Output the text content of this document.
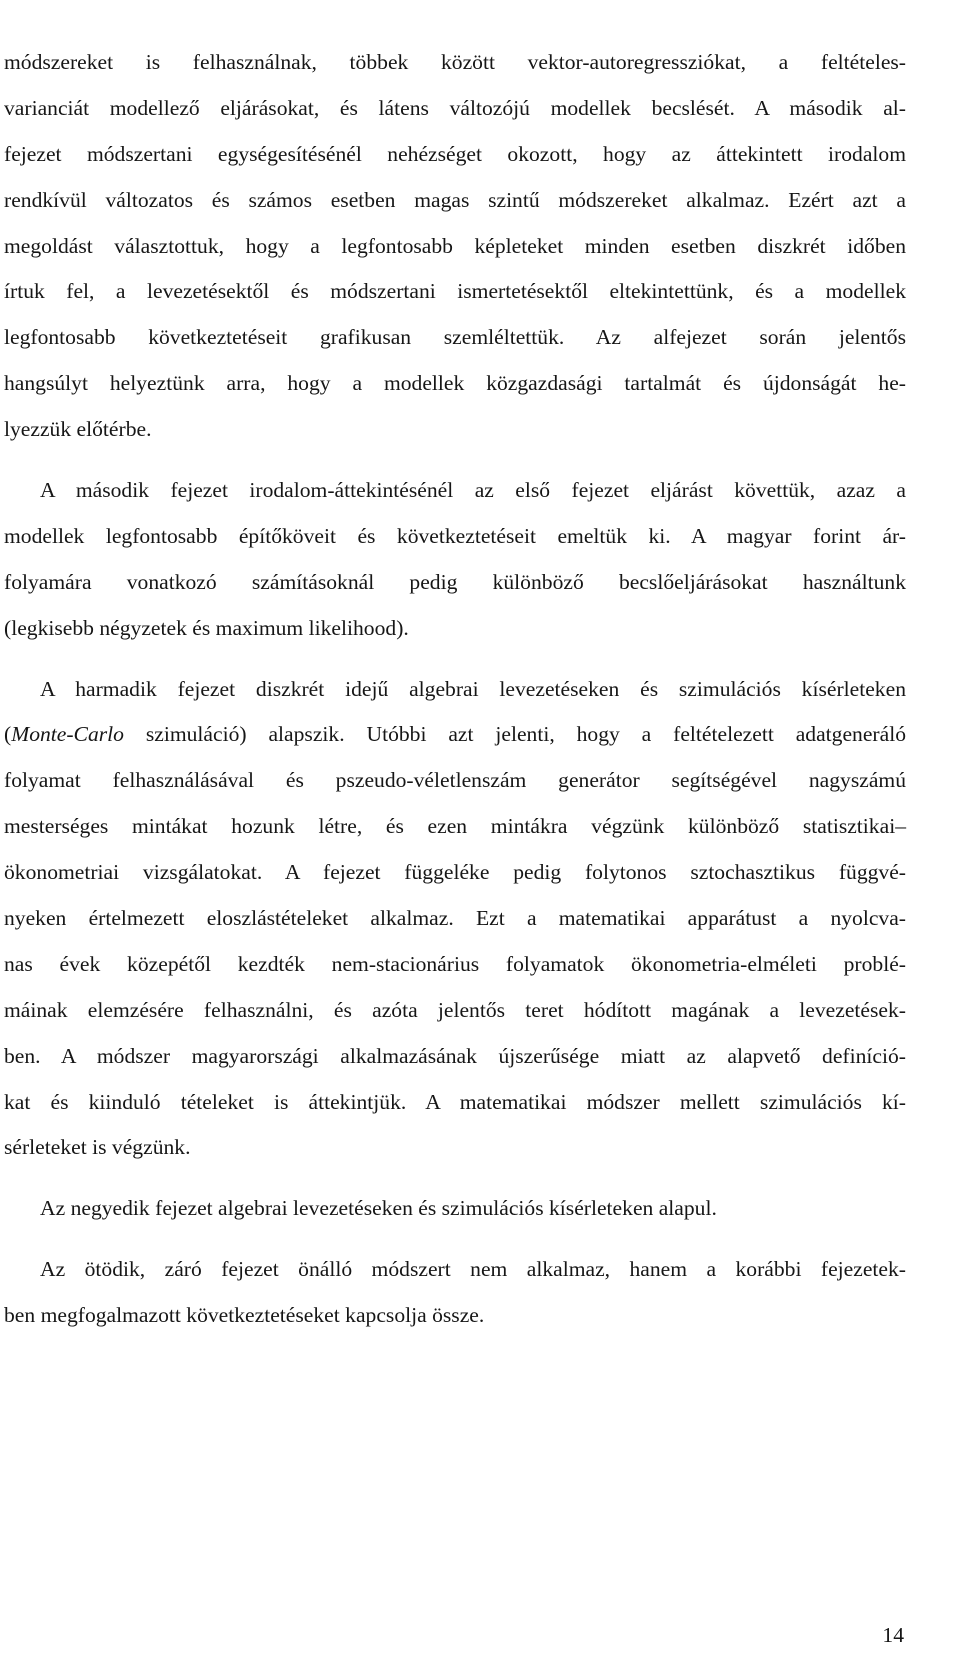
módszereket is felhasználnak, többek között vektor-autoregressziókat, a feltételes-
varianciát modellező eljárásokat, és látens változójú modellek becslését. A második al-
fejezet módszertani egységesítésénél nehézséget okozott, hogy az áttekintett irodalom
rendkívül változatos és számos esetben magas szintű módszereket alkalmaz. Ezért azt a
megoldást választottuk, hogy a legfontosabb képleteket minden esetben diszkrét időben
írtuk fel, a levezetésektől és módszertani ismertetésektől eltekintettünk, és a modellek
legfontosabb következtetéseit grafikusan szemléltettük. Az alfejezet során jelentős
hangsúlyt helyeztünk arra, hogy a modellek közgazdasági tartalmát és újdonságát he-
lyezzük előtérbe.
A második fejezet irodalom-áttekintésénél az első fejezet eljárást követtük, azaz a
modellek legfontosabb építőköveit és következtetéseit emeltük ki. A magyar forint ár-
folyamára vonatkozó számításoknál pedig különböző becslőeljárásokat használtunk
(legkisebb négyzetek és maximum likelihood).
A harmadik fejezet diszkrét idejű algebrai levezetéseken és szimulációs kísérleteken
(Monte-Carlo szimuláció) alapszik. Utóbbi azt jelenti, hogy a feltételezett adatgeneráló
folyamat felhasználásával és pszeudo-véletlenszám generátor segítségével nagyszámú
mesterséges mintákat hozunk létre, és ezen mintákra végzünk különböző statisztikai–
ökonometriai vizsgálatokat. A fejezet függeléke pedig folytonos sztochasztikus függvé-
nyeken értelmezett eloszlástételeket alkalmaz. Ezt a matematikai apparátust a nyolcva-
nas évek közepétől kezdték nem-stacionárius folyamatok ökonometria-elméleti problé-
máinak elemzésére felhasználni, és azóta jelentős teret hódított magának a levezetések-
ben. A módszer magyarországi alkalmazásának újszerűsége miatt az alapvető definíció-
kat és kiinduló tételeket is áttekintjük. A matematikai módszer mellett szimulációs kí-
sérleteket is végzünk.
Az negyedik fejezet algebrai levezetéseken és szimulációs kísérleteken alapul.
Az ötödik, záró fejezet önálló módszert nem alkalmaz, hanem a korábbi fejezetek-
ben megfogalmazott következtetéseket kapcsolja össze.
14
